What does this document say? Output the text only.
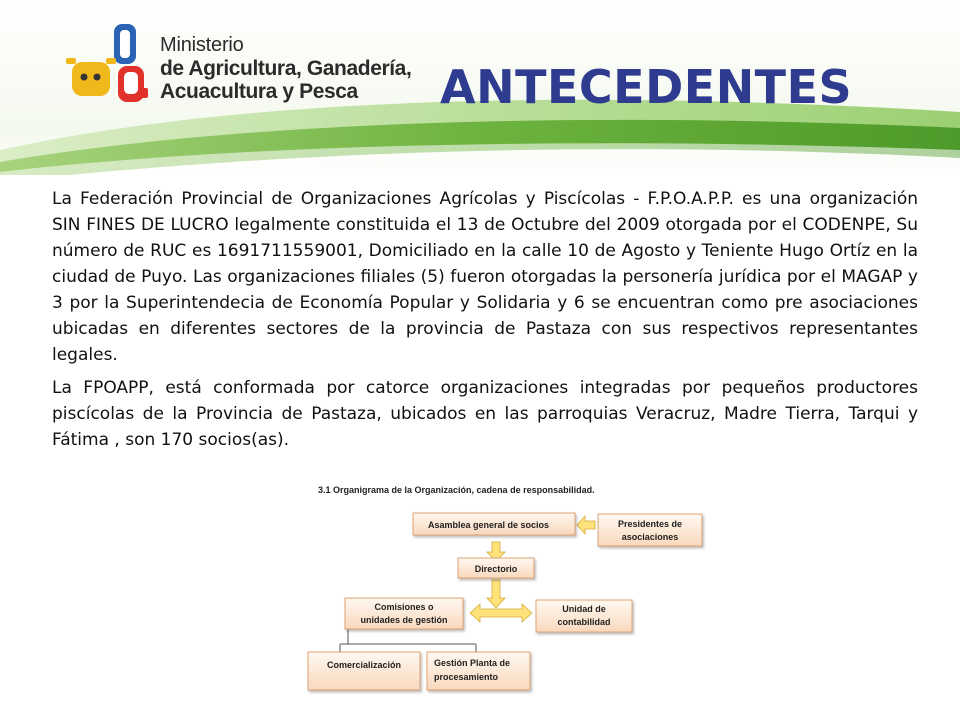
Ministerio
de Agricultura, Ganadería,
Acuacultura y Pesca	ANTECEDENTES

La Federación Provincial de Organizaciones Agrícolas y Piscícolas - F.P.O.A.P.P. es una organización SIN FINES DE LUCRO legalmente constituida el 13 de Octubre del 2009 otorgada por el CODENPE, Su número de RUC es 1691711559001, Domiciliado en la calle 10 de Agosto y Teniente Hugo Ortíz en la ciudad de Puyo. Las organizaciones filiales (5) fueron otorgadas la personería jurídica por el MAGAP y 3 por la Superintendecia de Economía Popular y Solidaria y 6 se encuentran como pre asociaciones ubicadas en diferentes sectores de la provincia de Pastaza con sus respectivos representantes legales.

La FPOAPP, está conformada por catorce organizaciones integradas por pequeños productores piscícolas de la Provincia de Pastaza, ubicados en las parroquias Veracruz, Madre Tierra, Tarqui y Fátima , son 170 socios(as).

3.1 Organigrama de la Organización, cadena de responsabilidad.
Asamblea general de socios	Presidentes de
asociaciones
Directorio
Comisiones o
unidades de gestión
Unidad de
contabilidad
Comercialización	Gestión Planta de
procesamiento
